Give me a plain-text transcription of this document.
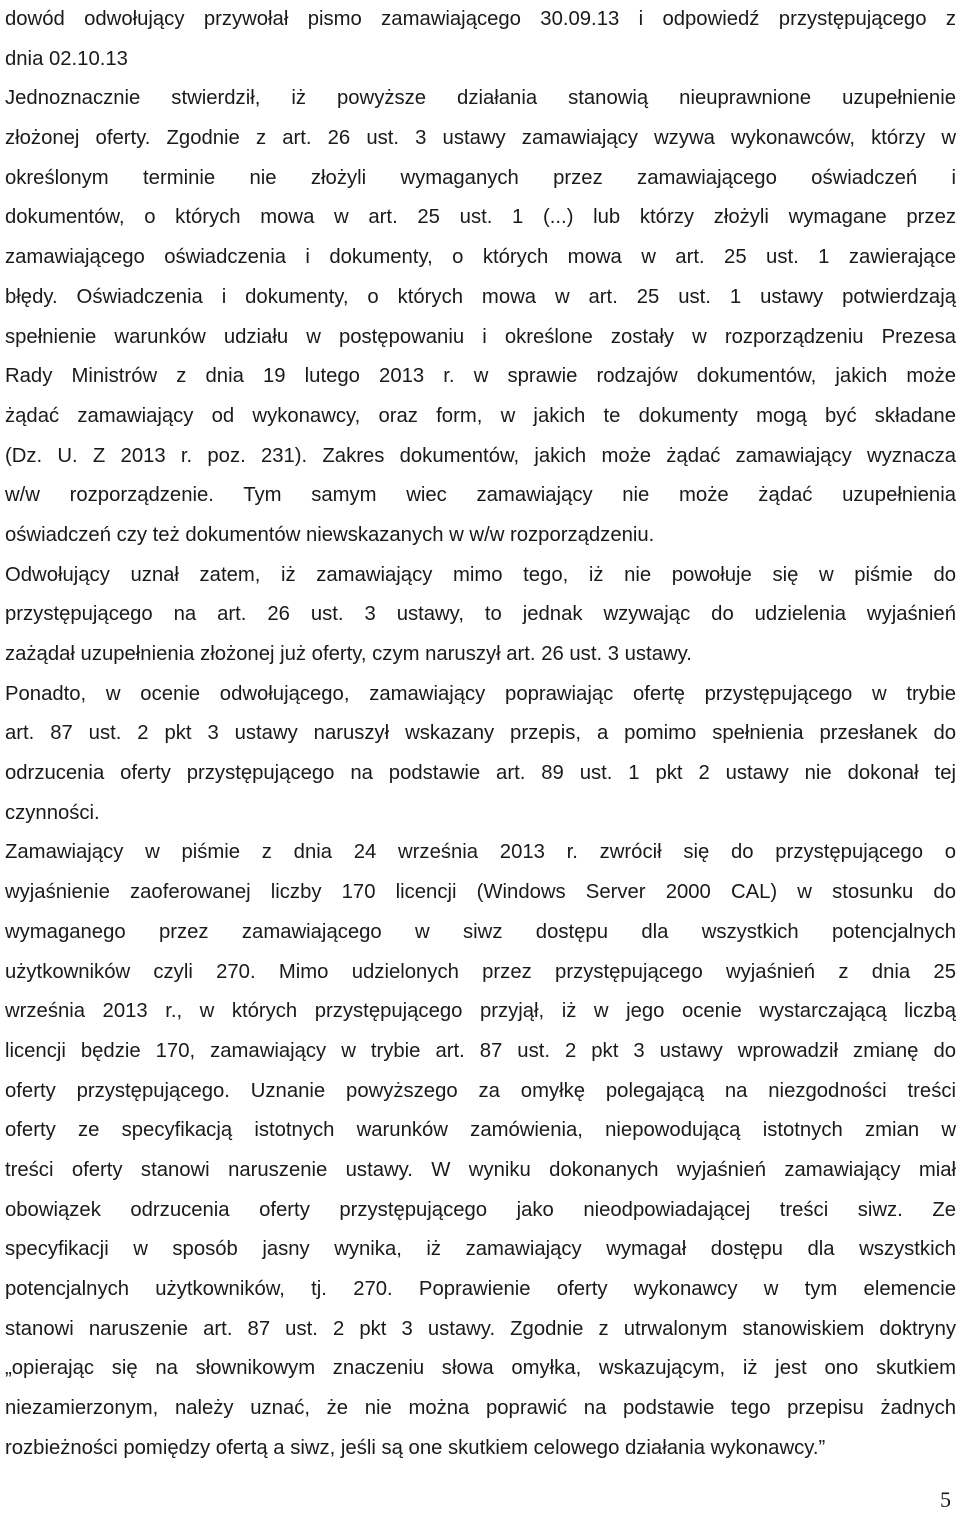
dowód odwołujący przywołał pismo zamawiającego 30.09.13 i odpowiedź przystępującego z
dnia 02.10.13
Jednoznacznie stwierdził, iż powyższe działania stanowią nieuprawnione uzupełnienie
złożonej oferty. Zgodnie z art. 26 ust. 3 ustawy zamawiający wzywa wykonawców, którzy w
określonym terminie nie złożyli wymaganych przez zamawiającego oświadczeń i
dokumentów, o których mowa w art. 25 ust. 1 (...) lub którzy złożyli wymagane przez
zamawiającego oświadczenia i dokumenty, o których mowa w art. 25 ust. 1 zawierające
błędy. Oświadczenia i dokumenty, o których mowa w art. 25 ust. 1 ustawy potwierdzają
spełnienie warunków udziału w postępowaniu i określone zostały w rozporządzeniu Prezesa
Rady Ministrów z dnia 19 lutego 2013 r. w sprawie rodzajów dokumentów, jakich może
żądać zamawiający od wykonawcy, oraz form, w jakich te dokumenty mogą być składane
(Dz. U. Z 2013 r. poz. 231). Zakres dokumentów, jakich może żądać zamawiający wyznacza
w/w rozporządzenie. Tym samym wiec zamawiający nie może żądać uzupełnienia
oświadczeń czy też dokumentów niewskazanych w w/w rozporządzeniu.
Odwołujący uznał zatem, iż zamawiający mimo tego, iż nie powołuje się w piśmie do
przystępującego na art. 26 ust. 3 ustawy, to jednak wzywając do udzielenia wyjaśnień
zażądał uzupełnienia złożonej już oferty, czym naruszył art. 26 ust. 3 ustawy.
Ponadto, w ocenie odwołującego, zamawiający poprawiając ofertę przystępującego w trybie
art. 87 ust. 2 pkt 3 ustawy naruszył wskazany przepis, a pomimo spełnienia przesłanek do
odrzucenia oferty przystępującego na podstawie art. 89 ust. 1 pkt 2 ustawy nie dokonał tej
czynności.
Zamawiający w piśmie z dnia 24 września 2013 r. zwrócił się do przystępującego o
wyjaśnienie zaoferowanej liczby 170 licencji (Windows Server 2000 CAL) w stosunku do
wymaganego przez zamawiającego w siwz dostępu dla wszystkich potencjalnych
użytkowników czyli 270. Mimo udzielonych przez przystępującego wyjaśnień z dnia 25
września 2013 r., w których przystępującego przyjął, iż w jego ocenie wystarczającą liczbą
licencji będzie 170, zamawiający w trybie art. 87 ust. 2 pkt 3 ustawy wprowadził zmianę do
oferty przystępującego. Uznanie powyższego za omyłkę polegającą na niezgodności treści
oferty ze specyfikacją istotnych warunków zamówienia, niepowodującą istotnych zmian w
treści oferty stanowi naruszenie ustawy. W wyniku dokonanych wyjaśnień zamawiający miał
obowiązek odrzucenia oferty przystępującego jako nieodpowiadającej treści siwz. Ze
specyfikacji w sposób jasny wynika, iż zamawiający wymagał dostępu dla wszystkich
potencjalnych użytkowników, tj. 270. Poprawienie oferty wykonawcy w tym elemencie
stanowi naruszenie art. 87 ust. 2 pkt 3 ustawy. Zgodnie z utrwalonym stanowiskiem doktryny
„opierając się na słownikowym znaczeniu słowa omyłka, wskazującym, iż jest ono skutkiem
niezamierzonym, należy uznać, że nie można poprawić na podstawie tego przepisu żadnych
rozbieżności pomiędzy ofertą a siwz, jeśli są one skutkiem celowego działania wykonawcy.”
5
